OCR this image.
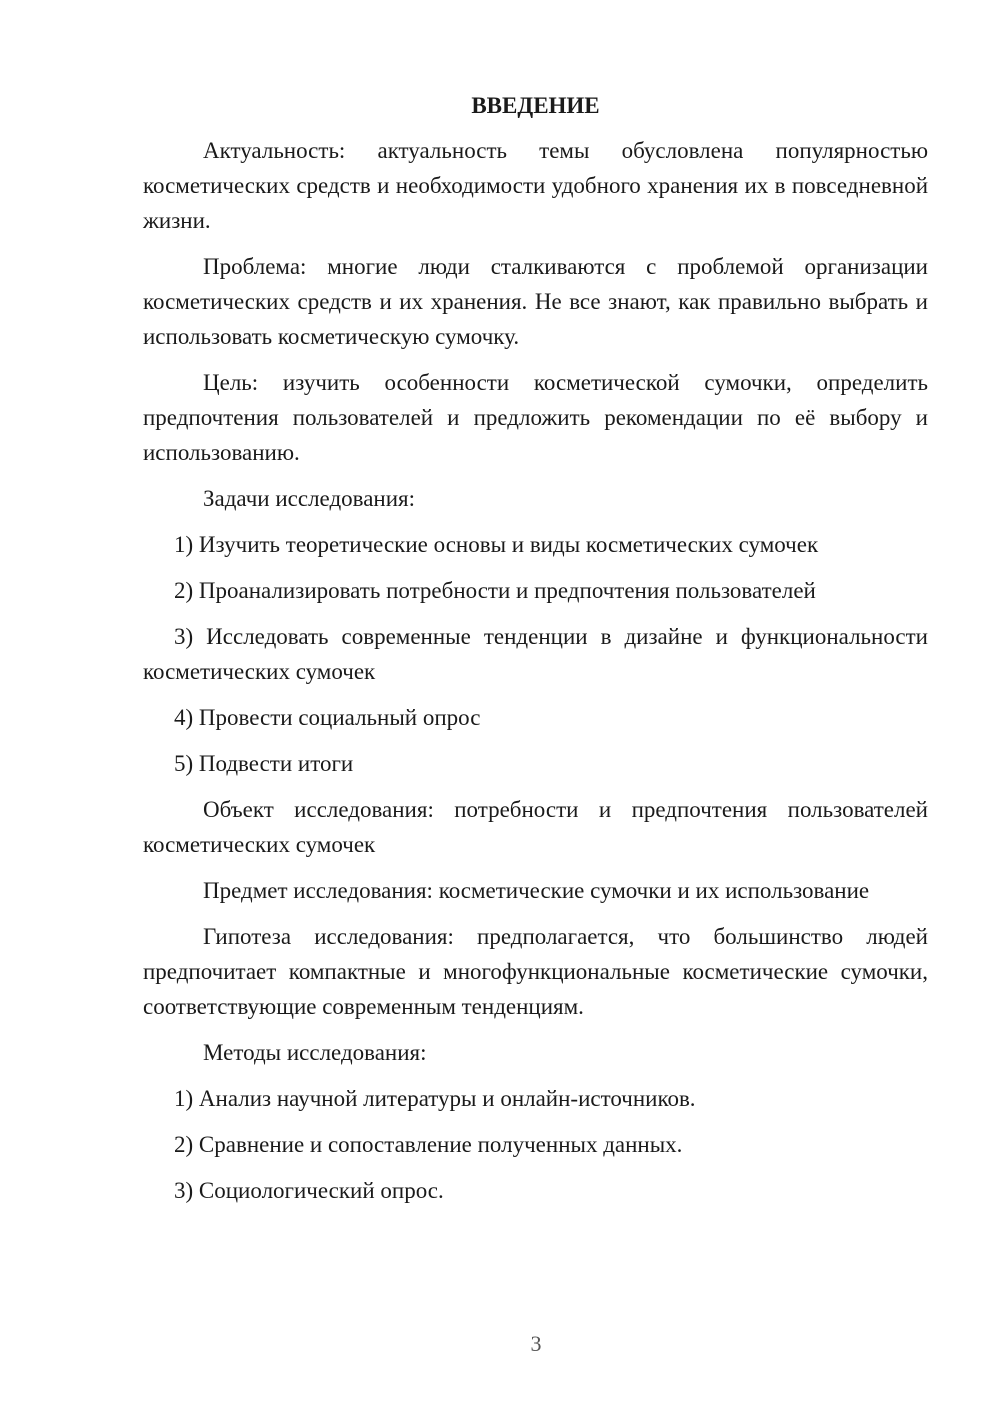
ВВЕДЕНИЕ

Актуальность: актуальность темы обусловлена популярностью косметических средств и необходимости удобного хранения их в повседневной жизни.

Проблема: многие люди сталкиваются с проблемой организации косметических средств и их хранения. Не все знают, как правильно выбрать и использовать косметическую сумочку.

Цель: изучить особенности косметической сумочки, определить предпочтения пользователей и предложить рекомендации по её выбору и использованию.

Задачи исследования:

1) Изучить теоретические основы и виды косметических сумочек
2) Проанализировать потребности и предпочтения пользователей
3) Исследовать современные тенденции в дизайне и функциональности косметических сумочек
4) Провести социальный опрос
5) Подвести итоги

Объект исследования: потребности и предпочтения пользователей косметических сумочек

Предмет исследования: косметические сумочки и их использование

Гипотеза исследования: предполагается, что большинство людей предпочитает компактные и многофункциональные косметические сумочки, соответствующие современным тенденциям.

Методы исследования:

1) Анализ научной литературы и онлайн-источников.
2) Сравнение и сопоставление полученных данных.
3) Социологический опрос.
3
